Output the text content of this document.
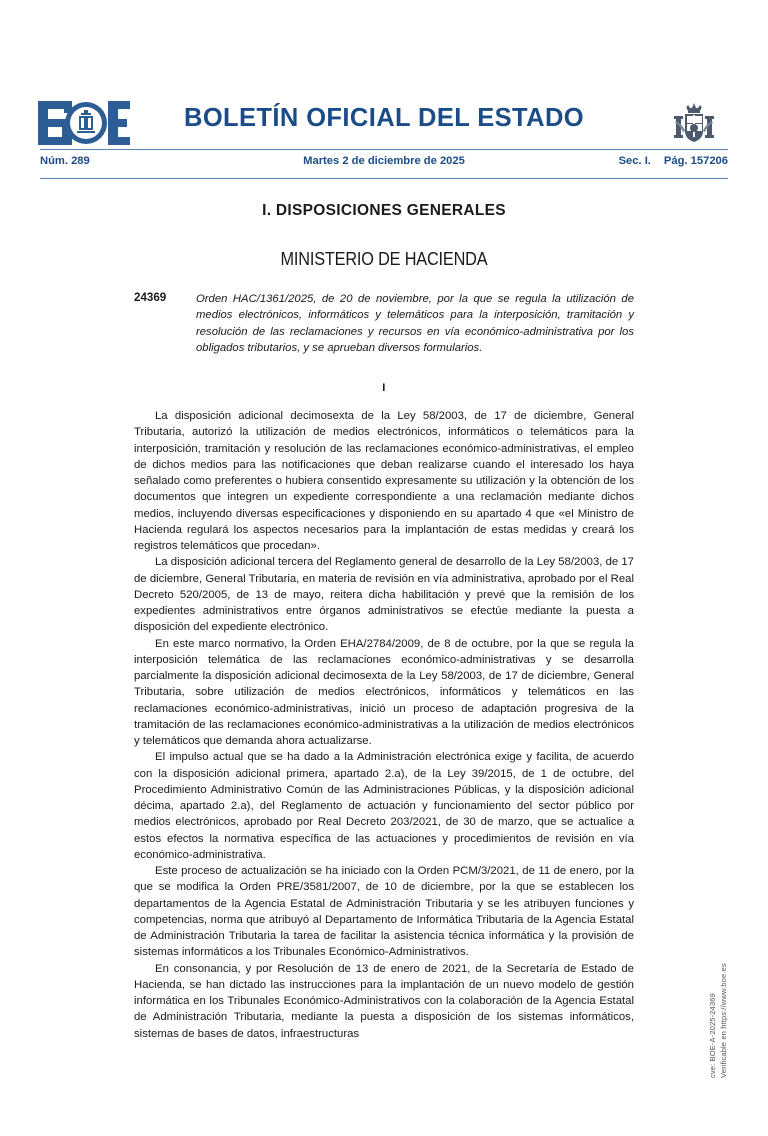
BOLETÍN OFICIAL DEL ESTADO
Núm. 289	Martes 2 de diciembre de 2025	Sec. I. Pág. 157206
I. DISPOSICIONES GENERALES
MINISTERIO DE HACIENDA
24369	Orden HAC/1361/2025, de 20 de noviembre, por la que se regula la utilización de medios electrónicos, informáticos y telemáticos para la interposición, tramitación y resolución de las reclamaciones y recursos en vía económico-administrativa por los obligados tributarios, y se aprueban diversos formularios.
I

La disposición adicional decimosexta de la Ley 58/2003, de 17 de diciembre, General Tributaria, autorizó la utilización de medios electrónicos, informáticos o telemáticos para la interposición, tramitación y resolución de las reclamaciones económico-administrativas, el empleo de dichos medios para las notificaciones que deban realizarse cuando el interesado los haya señalado como preferentes o hubiera consentido expresamente su utilización y la obtención de los documentos que integren un expediente correspondiente a una reclamación mediante dichos medios, incluyendo diversas especificaciones y disponiendo en su apartado 4 que «el Ministro de Hacienda regulará los aspectos necesarios para la implantación de estas medidas y creará los registros telemáticos que procedan».

La disposición adicional tercera del Reglamento general de desarrollo de la Ley 58/2003, de 17 de diciembre, General Tributaria, en materia de revisión en vía administrativa, aprobado por el Real Decreto 520/2005, de 13 de mayo, reitera dicha habilitación y prevé que la remisión de los expedientes administrativos entre órganos administrativos se efectúe mediante la puesta a disposición del expediente electrónico.

En este marco normativo, la Orden EHA/2784/2009, de 8 de octubre, por la que se regula la interposición telemática de las reclamaciones económico-administrativas y se desarrolla parcialmente la disposición adicional decimosexta de la Ley 58/2003, de 17 de diciembre, General Tributaria, sobre utilización de medios electrónicos, informáticos y telemáticos en las reclamaciones económico-administrativas, inició un proceso de adaptación progresiva de la tramitación de las reclamaciones económico-administrativas a la utilización de medios electrónicos y telemáticos que demanda ahora actualizarse.

El impulso actual que se ha dado a la Administración electrónica exige y facilita, de acuerdo con la disposición adicional primera, apartado 2.a), de la Ley 39/2015, de 1 de octubre, del Procedimiento Administrativo Común de las Administraciones Públicas, y la disposición adicional décima, apartado 2.a), del Reglamento de actuación y funcionamiento del sector público por medios electrónicos, aprobado por Real Decreto 203/2021, de 30 de marzo, que se actualice a estos efectos la normativa específica de las actuaciones y procedimientos de revisión en vía económico-administrativa.

Este proceso de actualización se ha iniciado con la Orden PCM/3/2021, de 11 de enero, por la que se modifica la Orden PRE/3581/2007, de 10 de diciembre, por la que se establecen los departamentos de la Agencia Estatal de Administración Tributaria y se les atribuyen funciones y competencias, norma que atribuyó al Departamento de Informática Tributaria de la Agencia Estatal de Administración Tributaria la tarea de facilitar la asistencia técnica informática y la provisión de sistemas informáticos a los Tribunales Económico-Administrativos.

En consonancia, y por Resolución de 13 de enero de 2021, de la Secretaría de Estado de Hacienda, se han dictado las instrucciones para la implantación de un nuevo modelo de gestión informática en los Tribunales Económico-Administrativos con la colaboración de la Agencia Estatal de Administración Tributaria, mediante la puesta a disposición de los sistemas informáticos, sistemas de bases de datos, infraestructuras	cve: BOE-A-2025-24369 Verificable en https://www.boe.es
